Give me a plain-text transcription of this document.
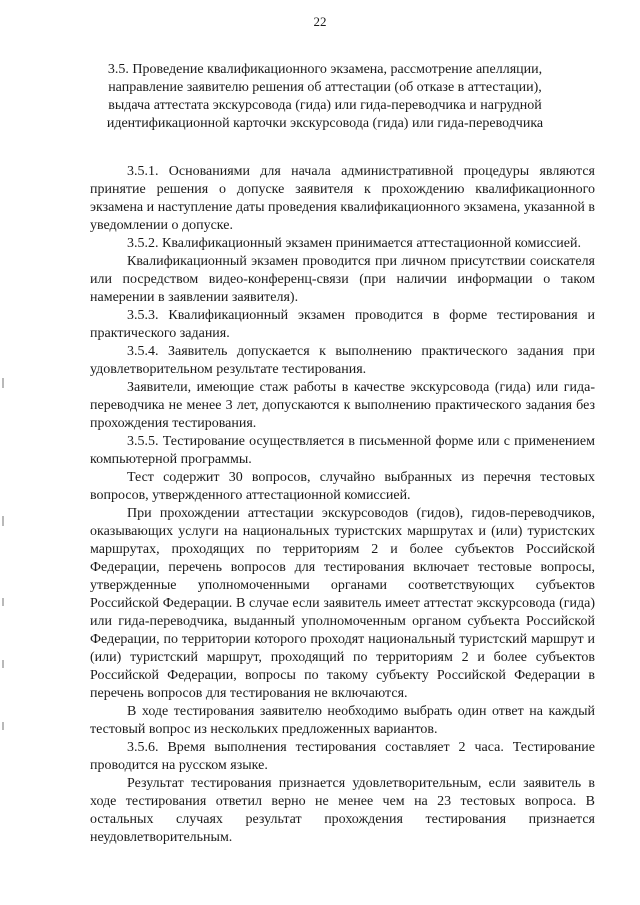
22
3.5. Проведение квалификационного экзамена, рассмотрение апелляции, направление заявителю решения об аттестации (об отказе в аттестации), выдача аттестата экскурсовода (гида) или гида-переводчика и нагрудной идентификационной карточки экскурсовода (гида) или гида-переводчика

3.5.1. Основаниями для начала административной процедуры являются принятие решения о допуске заявителя к прохождению квалификационного экзамена и наступление даты проведения квалификационного экзамена, указанной в уведомлении о допуске.

3.5.2. Квалификационный экзамен принимается аттестационной комиссией.

Квалификационный экзамен проводится при личном присутствии соискателя или посредством видео-конференц-связи (при наличии информации о таком намерении в заявлении заявителя).

3.5.3. Квалификационный экзамен проводится в форме тестирования и практического задания.

3.5.4. Заявитель допускается к выполнению практического задания при удовлетворительном результате тестирования.

Заявители, имеющие стаж работы в качестве экскурсовода (гида) или гида-переводчика не менее 3 лет, допускаются к выполнению практического задания без прохождения тестирования.

3.5.5. Тестирование осуществляется в письменной форме или с применением компьютерной программы.

Тест содержит 30 вопросов, случайно выбранных из перечня тестовых вопросов, утвержденного аттестационной комиссией.

При прохождении аттестации экскурсоводов (гидов), гидов-переводчиков, оказывающих услуги на национальных туристских маршрутах и (или) туристских маршрутах, проходящих по территориям 2 и более субъектов Российской Федерации, перечень вопросов для тестирования включает тестовые вопросы, утвержденные уполномоченными органами соответствующих субъектов Российской Федерации. В случае если заявитель имеет аттестат экскурсовода (гида) или гида-переводчика, выданный уполномоченным органом субъекта Российской Федерации, по территории которого проходят национальный туристский маршрут и (или) туристский маршрут, проходящий по территориям 2 и более субъектов Российской Федерации, вопросы по такому субъекту Российской Федерации в перечень вопросов для тестирования не включаются.

В ходе тестирования заявителю необходимо выбрать один ответ на каждый тестовый вопрос из нескольких предложенных вариантов.

3.5.6. Время выполнения тестирования составляет 2 часа. Тестирование проводится на русском языке.

Результат тестирования признается удовлетворительным, если заявитель в ходе тестирования ответил верно не менее чем на 23 тестовых вопроса. В остальных случаях результат прохождения тестирования признается неудовлетворительным.
